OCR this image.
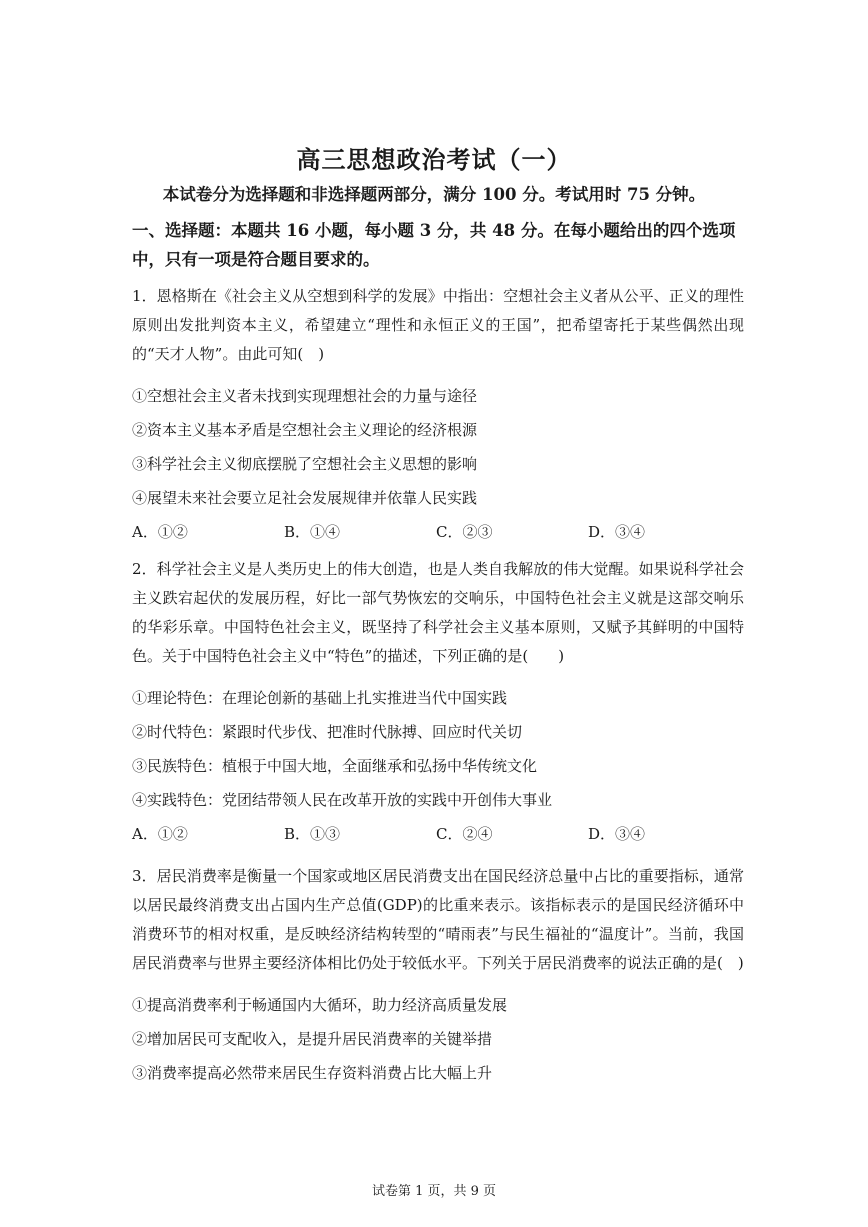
高三思想政治考试（一）
本试卷分为选择题和非选择题两部分，满分 100 分。考试用时 75 分钟。
一、选择题：本题共 16 小题，每小题 3 分，共 48 分。在每小题给出的四个选项中，只有一项是符合题目要求的。
1．恩格斯在《社会主义从空想到科学的发展》中指出：空想社会主义者从公平、正义的理性原则出发批判资本主义，希望建立“理性和永恒正义的王国”，把希望寄托于某些偶然出现的“天才人物”。由此可知(　)
①空想社会主义者未找到实现理想社会的力量与途径
②资本主义基本矛盾是空想社会主义理论的经济根源
③科学社会主义彻底摆脱了空想社会主义思想的影响
④展望未来社会要立足社会发展规律并依靠人民实践
A．①②	B．①④	C．②③	D．③④
2．科学社会主义是人类历史上的伟大创造，也是人类自我解放的伟大觉醒。如果说科学社会主义跌宕起伏的发展历程，好比一部气势恢宏的交响乐，中国特色社会主义就是这部交响乐的华彩乐章。中国特色社会主义，既坚持了科学社会主义基本原则，又赋予其鲜明的中国特色。关于中国特色社会主义中“特色”的描述，下列正确的是(　　)
①理论特色：在理论创新的基础上扎实推进当代中国实践
②时代特色：紧跟时代步伐、把准时代脉搏、回应时代关切
③民族特色：植根于中国大地，全面继承和弘扬中华传统文化
④实践特色：党团结带领人民在改革开放的实践中开创伟大事业
A．①②	B．①③	C．②④	D．③④
3．居民消费率是衡量一个国家或地区居民消费支出在国民经济总量中占比的重要指标，通常以居民最终消费支出占国内生产总值(GDP)的比重来表示。该指标表示的是国民经济循环中消费环节的相对权重，是反映经济结构转型的“晴雨表”与民生福祉的“温度计”。当前，我国居民消费率与世界主要经济体相比仍处于较低水平。下列关于居民消费率的说法正确的是(　)
①提高消费率利于畅通国内大循环，助力经济高质量发展
②增加居民可支配收入，是提升居民消费率的关键举措
③消费率提高必然带来居民生存资料消费占比大幅上升
试卷第 1 页，共 9 页
